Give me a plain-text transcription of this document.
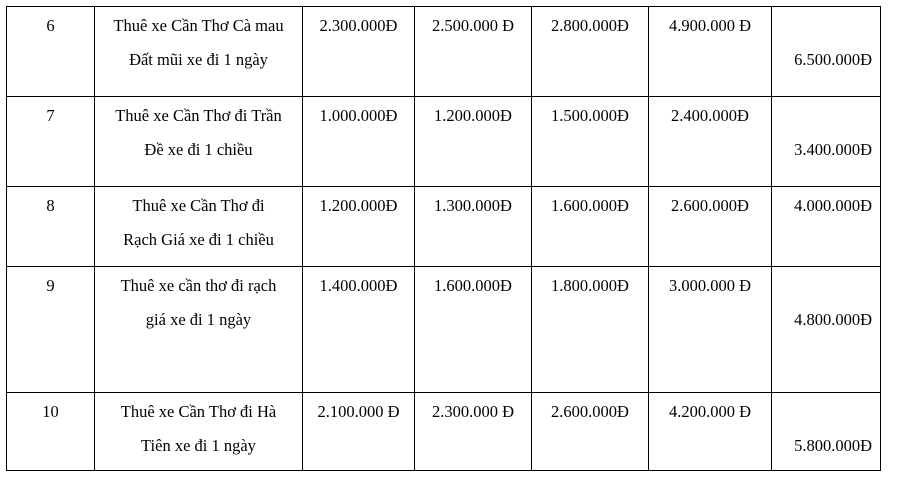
6	Thuê xe Cần Thơ Cà mau
Đất mũi xe đi 1 ngày	2.300.000Đ	2.500.000 Đ	2.800.000Đ	4.900.000 Đ	6.500.000Đ

7	Thuê xe Cần Thơ đi Trần
Đề xe đi 1 chiều	1.000.000Đ	1.200.000Đ	1.500.000Đ	2.400.000Đ	3.400.000Đ

8	Thuê xe Cần Thơ đi
Rạch Giá xe đi 1 chiều	1.200.000Đ	1.300.000Đ	1.600.000Đ	2.600.000Đ	4.000.000Đ

9	Thuê xe cần thơ đi rạch
giá xe đi 1 ngày	1.400.000Đ	1.600.000Đ	1.800.000Đ	3.000.000 Đ	4.800.000Đ

10	Thuê xe Cần Thơ đi Hà
Tiên xe đi 1 ngày	2.100.000 Đ	2.300.000 Đ	2.600.000Đ	4.200.000 Đ	5.800.000Đ
